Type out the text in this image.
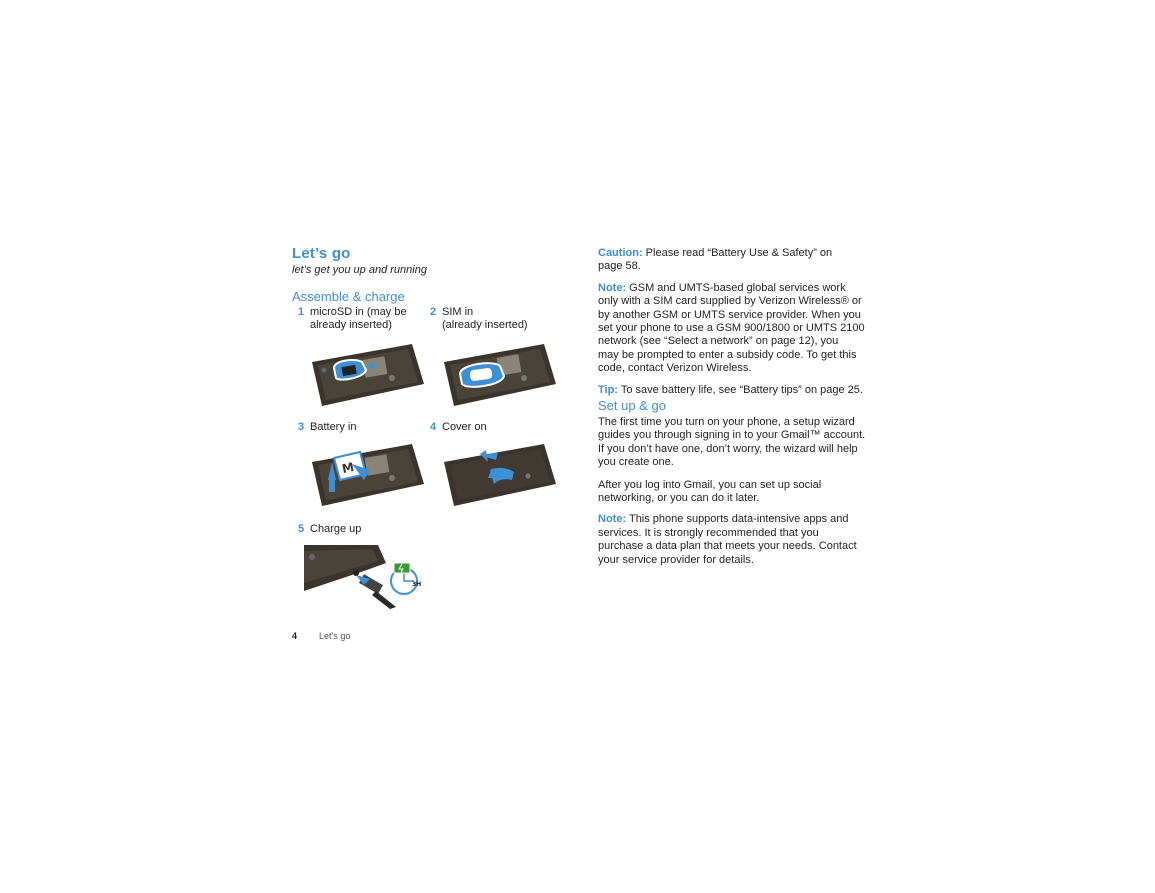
Let’s go
let’s get you up and running
Assemble & charge
1 microSD in (may be
already inserted)
2 SIM in
(already inserted)
3 Battery in	4 Cover on
M
5 Charge up
3H
4 Let’s go

Caution: Please read “Battery Use & Safety” on
page 58.

Note: GSM and UMTS-based global services work
only with a SIM card supplied by Verizon Wireless® or
by another GSM or UMTS service provider. When you
set your phone to use a GSM 900/1800 or UMTS 2100
network (see “Select a network” on page 12), you
may be prompted to enter a subsidy code. To get this
code, contact Verizon Wireless.

Tip: To save battery life, see “Battery tips” on page 25.

Set up & go

The first time you turn on your phone, a setup wizard
guides you through signing in to your Gmail™ account.
If you don’t have one, don’t worry, the wizard will help
you create one.

After you log into Gmail, you can set up social
networking, or you can do it later.

Note: This phone supports data-intensive apps and
services. It is strongly recommended that you
purchase a data plan that meets your needs. Contact
your service provider for details.
